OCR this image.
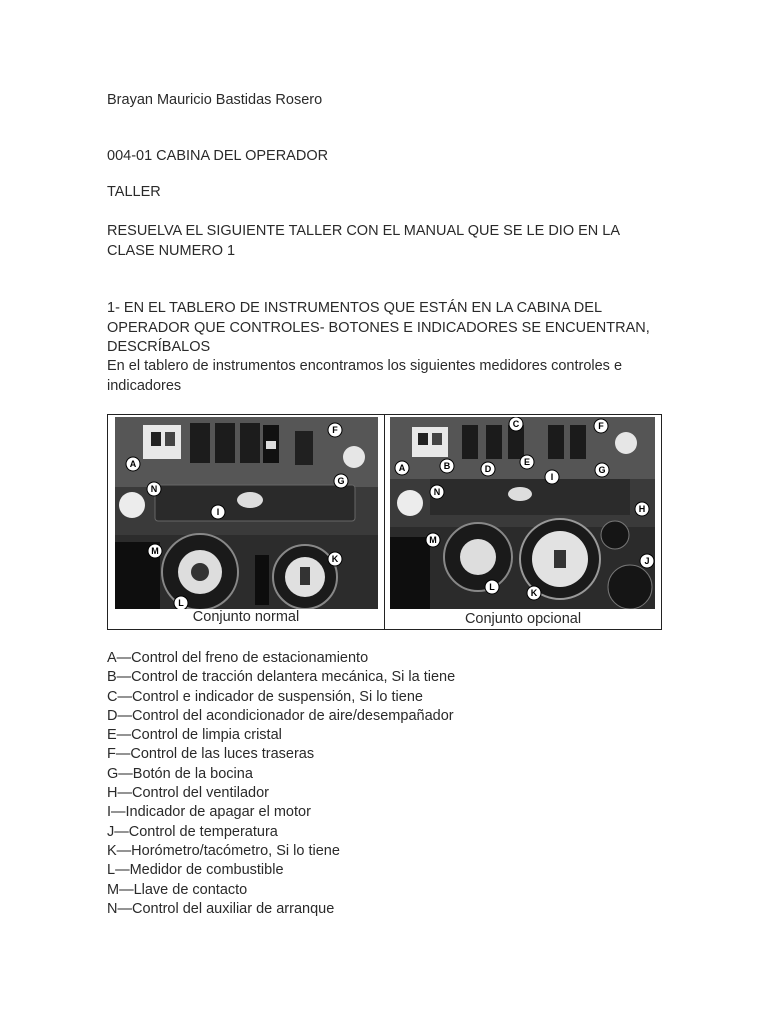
Brayan Mauricio Bastidas Rosero
004-01 CABINA DEL OPERADOR
TALLER
RESUELVA EL SIGUIENTE TALLER CON EL MANUAL QUE SE LE DIO EN LA CLASE NUMERO 1
1- EN EL TABLERO DE INSTRUMENTOS QUE ESTÁN EN LA CABINA DEL OPERADOR QUE CONTROLES- BOTONES E INDICADORES SE ENCUENTRAN, DESCRÍBALOS
En el tablero de instrumentos encontramos los siguientes medidores controles e indicadores
A
N
M
L
I
K
F
G
Conjunto normal
A	B
C
D
E
I
F
G
H
J
K
L
M
N
Conjunto opcional
A—Control del freno de estacionamiento
B—Control de tracción delantera mecánica, Si la tiene
C—Control e indicador de suspensión, Si lo tiene
D—Control del acondicionador de aire/desempañador
E—Control de limpia cristal
F—Control de las luces traseras
G—Botón de la bocina
H—Control del ventilador
I—Indicador de apagar el motor
J—Control de temperatura
K—Horómetro/tacómetro, Si lo tiene
L—Medidor de combustible
M—Llave de contacto
N—Control del auxiliar de arranque
